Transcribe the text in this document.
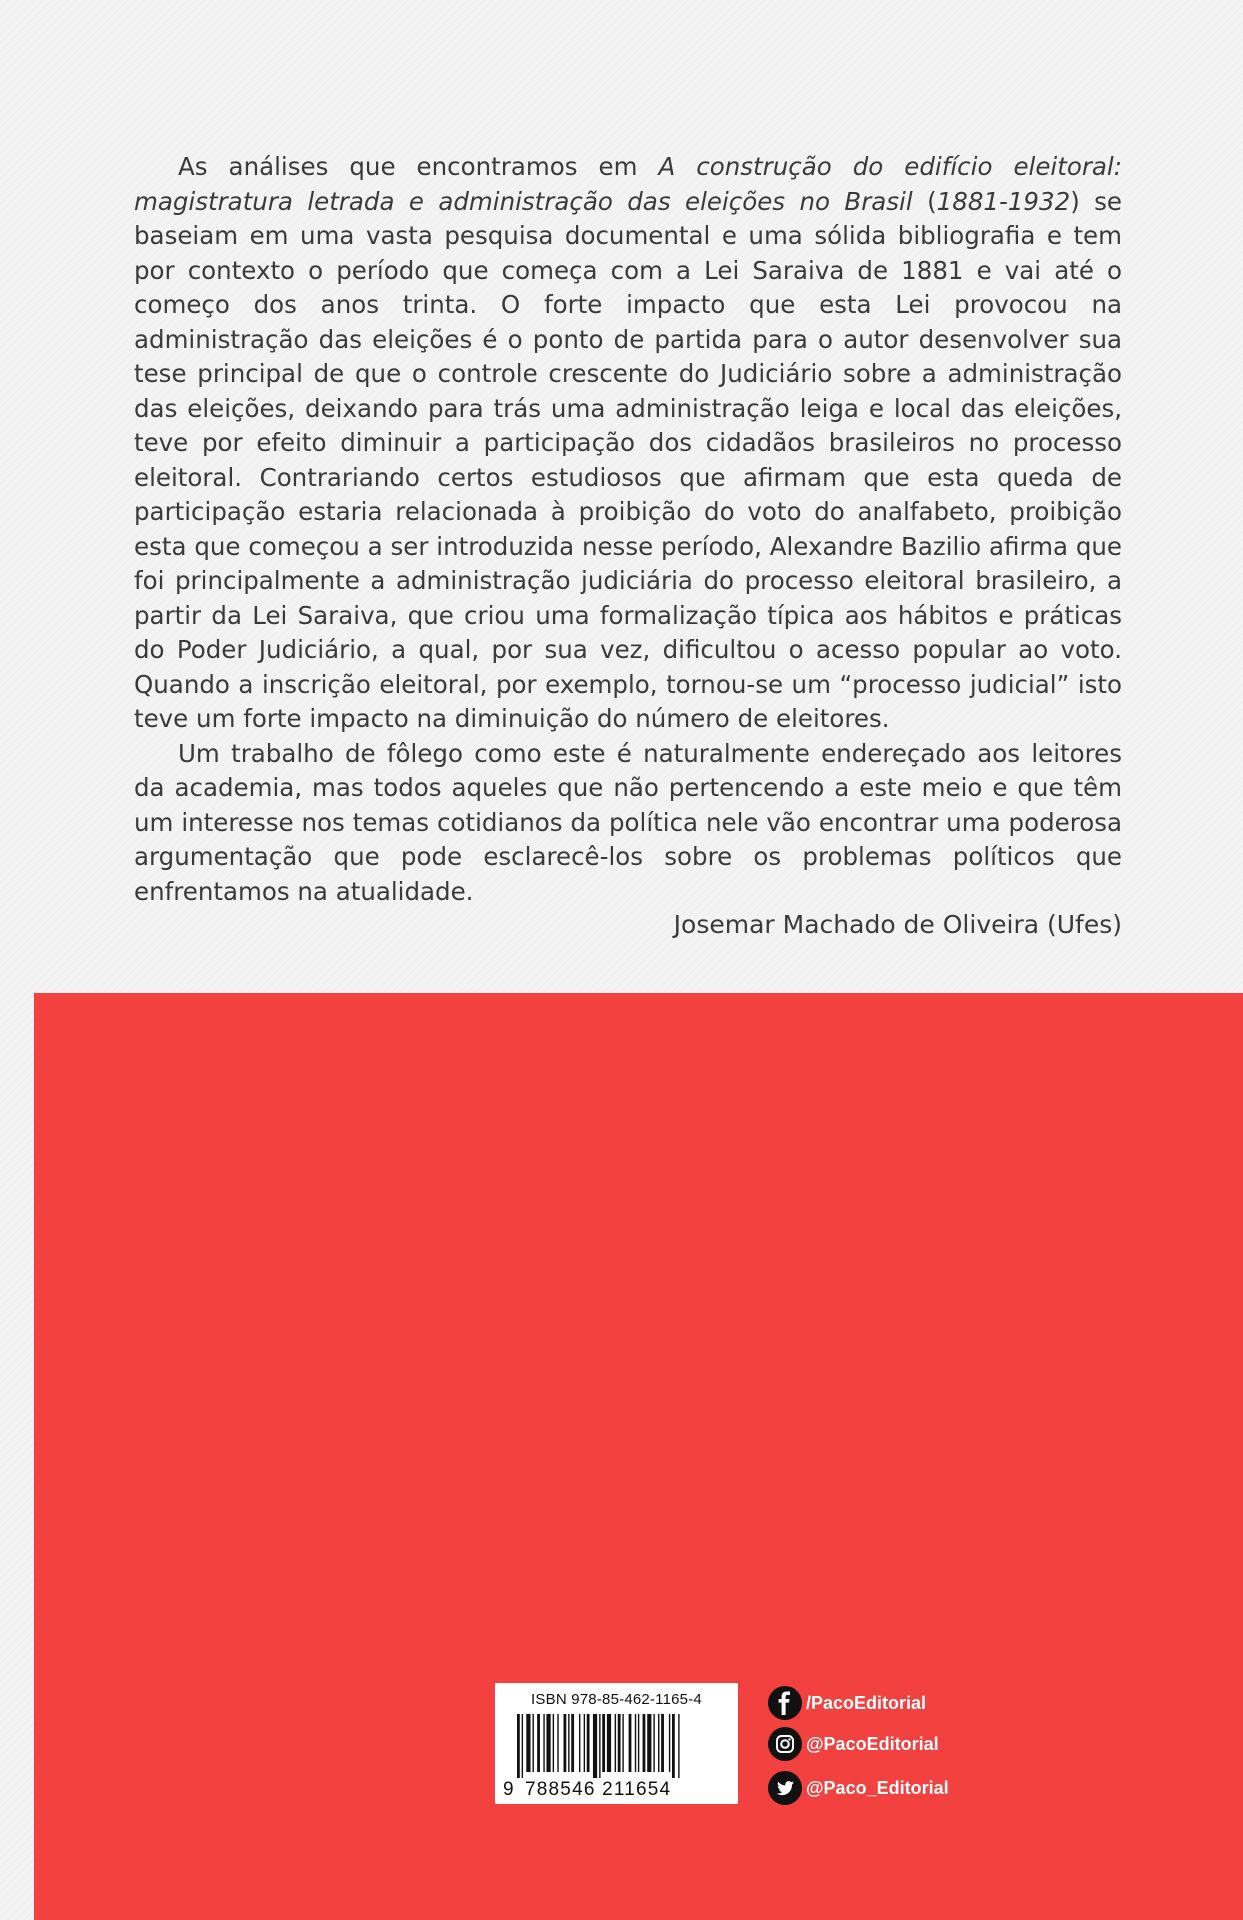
As análises que encontramos em A construção do edifício eleitoral: magistratura letrada e administração das eleições no Brasil (1881-1932) se baseiam em uma vasta pesquisa documental e uma sólida bibliografia e tem por contexto o período que começa com a Lei Saraiva de 1881 e vai até o começo dos anos trinta. O forte impacto que esta Lei provocou na administração das eleições é o ponto de partida para o autor desenvolver sua tese principal de que o controle crescente do Judiciário sobre a administração das eleições, deixando para trás uma administração leiga e local das eleições, teve por efeito diminuir a participação dos cidadãos brasileiros no processo eleitoral. Contrariando certos estudiosos que afirmam que esta queda de participação estaria relacionada à proibição do voto do analfabeto, proibição esta que começou a ser introduzida nesse período, Alexandre Bazilio afirma que foi principalmente a administração judiciária do processo eleitoral brasileiro, a partir da Lei Saraiva, que criou uma formalização típica aos hábitos e práticas do Poder Judiciário, a qual, por sua vez, dificultou o acesso popular ao voto. Quando a inscrição eleitoral, por exemplo, tornou-se um “processo judicial” isto teve um forte impacto na diminuição do número de eleitores.

Um trabalho de fôlego como este é naturalmente endereçado aos leitores da academia, mas todos aqueles que não pertencendo a este meio e que têm um interesse nos temas cotidianos da política nele vão encontrar uma poderosa argumentação que pode esclarecê-los sobre os problemas políticos que enfrentamos na atualidade.

Josemar Machado de Oliveira (Ufes)
ISBN 978-85-462-1165-4
9 788546 211654
/PacoEditorial
@PacoEditorial
@Paco_Editorial
